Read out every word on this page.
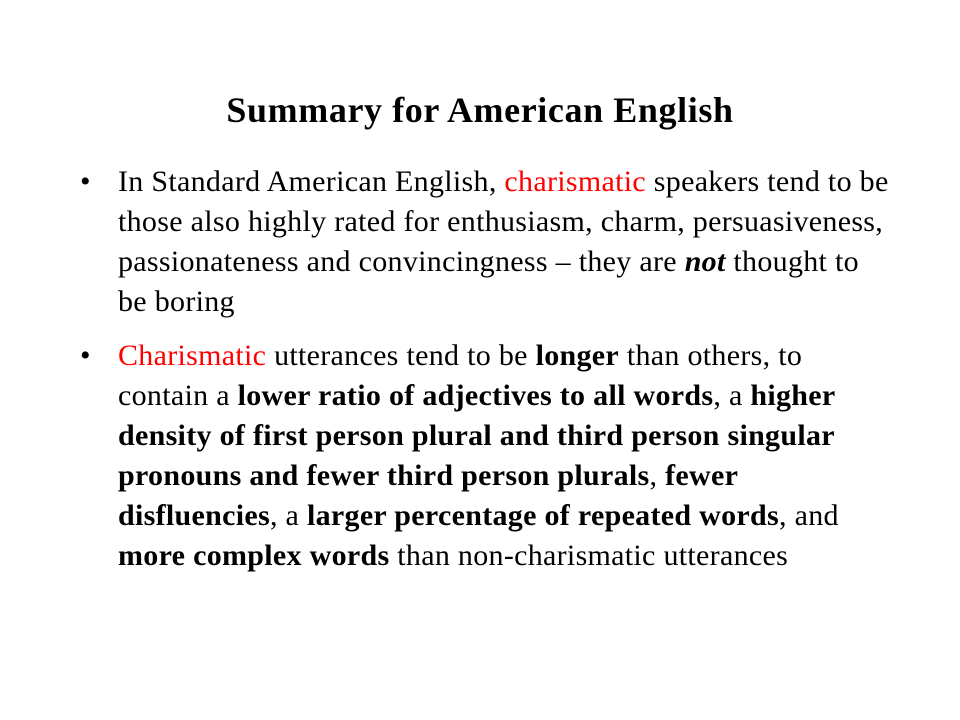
Summary for American English
• In Standard American English, charismatic speakers tend to be those also highly rated for enthusiasm, charm, persuasiveness, passionateness and convincingness – they are not thought to be boring
• Charismatic utterances tend to be longer than others, to contain a lower ratio of adjectives to all words, a higher density of first person plural and third person singular pronouns and fewer third person plurals, fewer disfluencies, a larger percentage of repeated words, and more complex words than non-charismatic utterances
